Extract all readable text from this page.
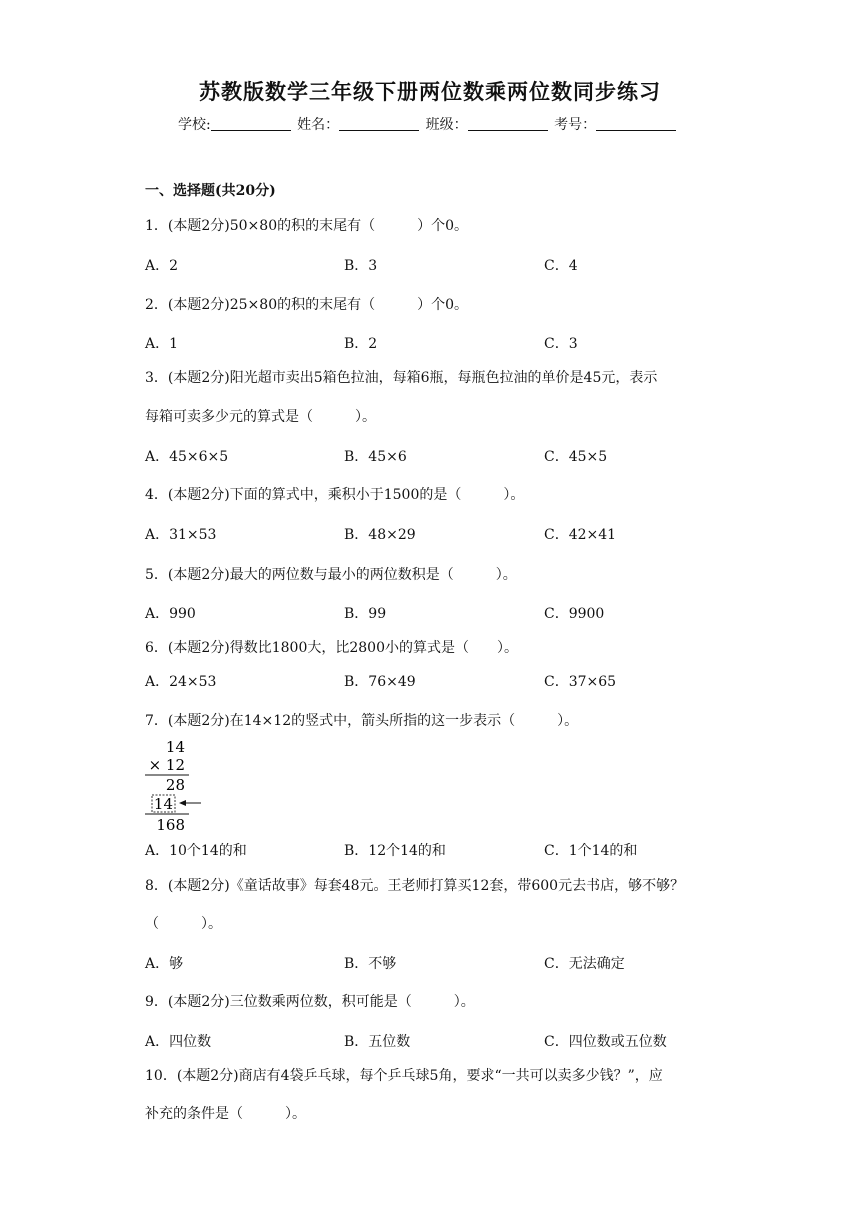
苏教版数学三年级下册两位数乘两位数同步练习
学校:	姓名：	班级：	考号：
一、选择题(共20分)
1．(本题2分)50×80的积的末尾有（　　　）个0。
A．2	B．3	C．4
2．(本题2分)25×80的积的末尾有（　　　）个0。
A．1	B．2	C．3
3．(本题2分)阳光超市卖出5箱色拉油，每箱6瓶，每瓶色拉油的单价是45元，表示
每箱可卖多少元的算式是（　　　）。
A．45×6×5	B．45×6	C．45×5
4．(本题2分)下面的算式中，乘积小于1500的是（　　　）。
A．31×53	B．48×29	C．42×41
5．(本题2分)最大的两位数与最小的两位数积是（　　　）。
A．990	B．99	C．9900
6．(本题2分)得数比1800大，比2800小的算式是（　　）。
A．24×53	B．76×49	C．37×65
7．(本题2分)在14×12的竖式中，箭头所指的这一步表示（　　　）。
14
× 12
28
14
168
A．10个14的和	B．12个14的和	C．1个14的和
8．(本题2分)《童话故事》每套48元。王老师打算买12套，带600元去书店，够不够？
（　　　）。
A．够	B．不够	C．无法确定
9．(本题2分)三位数乘两位数，积可能是（　　　）。
A．四位数	B．五位数	C．四位数或五位数
10．(本题2分)商店有4袋乒乓球，每个乒乓球5角，要求“一共可以卖多少钱？”，应
补充的条件是（　　　）。
